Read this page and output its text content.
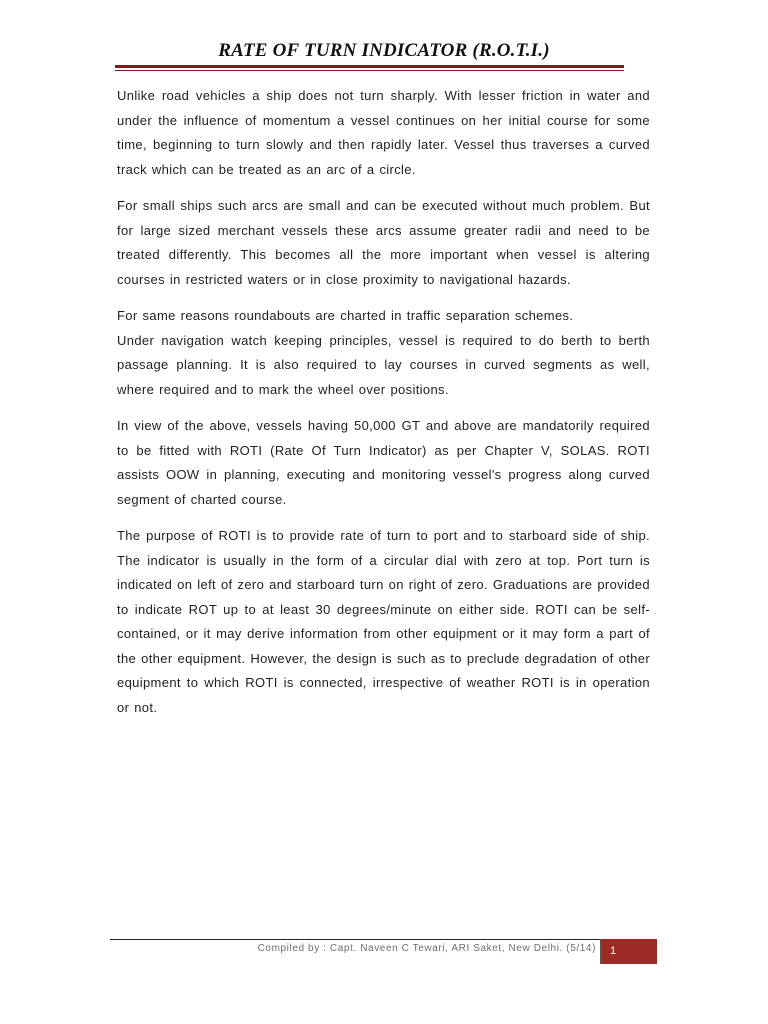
RATE OF TURN INDICATOR (R.O.T.I.)

Unlike road vehicles a ship does not turn sharply. With lesser friction in water and under the influence of momentum a vessel continues on her initial course for some time, beginning to turn slowly and then rapidly later. Vessel thus traverses a curved track which can be treated as an arc of a circle.

For small ships such arcs are small and can be executed without much problem. But for large sized merchant vessels these arcs assume greater radii and need to be treated differently. This becomes all the more important when vessel is altering courses in restricted waters or in close proximity to navigational hazards.

For same reasons roundabouts are charted in traffic separation schemes.

Under navigation watch keeping principles, vessel is required to do berth to berth passage planning. It is also required to lay courses in curved segments as well, where required and to mark the wheel over positions.

In view of the above, vessels having 50,000 GT and above are mandatorily required to be fitted with ROTI (Rate Of Turn Indicator) as per Chapter V, SOLAS. ROTI assists OOW in planning, executing and monitoring vessel's progress along curved segment of charted course.

The purpose of ROTI is to provide rate of turn to port and to starboard side of ship. The indicator is usually in the form of a circular dial with zero at top. Port turn is indicated on left of zero and starboard turn on right of zero. Graduations are provided to indicate ROT up to at least 30 degrees/minute on either side. ROTI can be self-contained, or it may derive information from other equipment or it may form a part of the other equipment. However, the design is such as to preclude degradation of other equipment to which ROTI is connected, irrespective of weather ROTI is in operation or not.

Compiled by : Capt. Naveen C Tewari, ARI Saket, New Delhi. (5/14)	1
